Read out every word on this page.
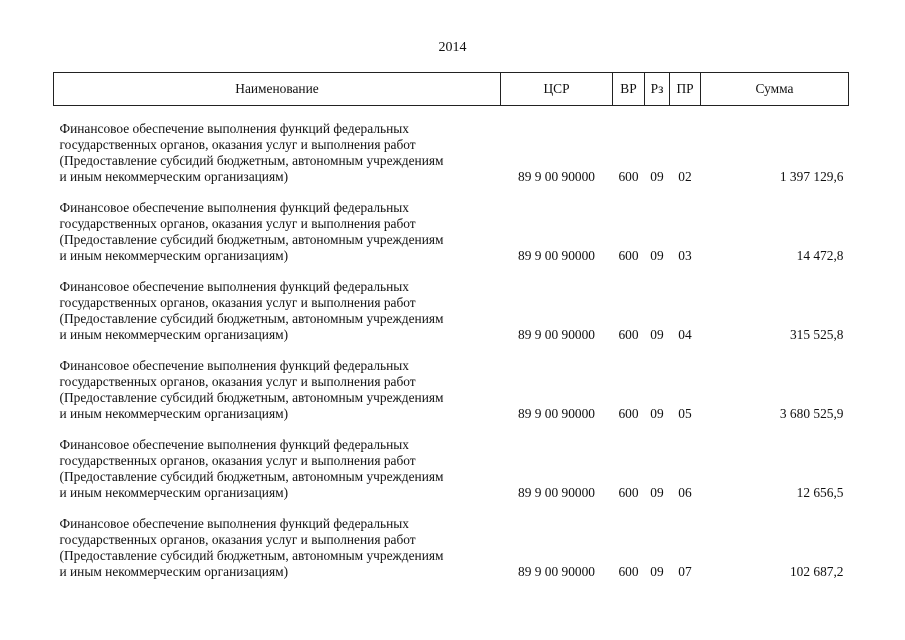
2014
Наименование	ЦСР	ВР	Рз	ПР	Сумма

Финансовое обеспечение выполнения функций федеральных
государственных органов, оказания услуг и выполнения работ
(Предоставление субсидий бюджетным, автономным учреждениям
и иным некоммерческим организациям)	89 9 00 90000	600	09	02	1 397 129,6

Финансовое обеспечение выполнения функций федеральных
государственных органов, оказания услуг и выполнения работ
(Предоставление субсидий бюджетным, автономным учреждениям
и иным некоммерческим организациям)	89 9 00 90000	600	09	03	14 472,8

Финансовое обеспечение выполнения функций федеральных
государственных органов, оказания услуг и выполнения работ
(Предоставление субсидий бюджетным, автономным учреждениям
и иным некоммерческим организациям)	89 9 00 90000	600	09	04	315 525,8

Финансовое обеспечение выполнения функций федеральных
государственных органов, оказания услуг и выполнения работ
(Предоставление субсидий бюджетным, автономным учреждениям
и иным некоммерческим организациям)	89 9 00 90000	600	09	05	3 680 525,9

Финансовое обеспечение выполнения функций федеральных
государственных органов, оказания услуг и выполнения работ
(Предоставление субсидий бюджетным, автономным учреждениям
и иным некоммерческим организациям)	89 9 00 90000	600	09	06	12 656,5

Финансовое обеспечение выполнения функций федеральных
государственных органов, оказания услуг и выполнения работ
(Предоставление субсидий бюджетным, автономным учреждениям
и иным некоммерческим организациям)	89 9 00 90000	600	09	07	102 687,2
